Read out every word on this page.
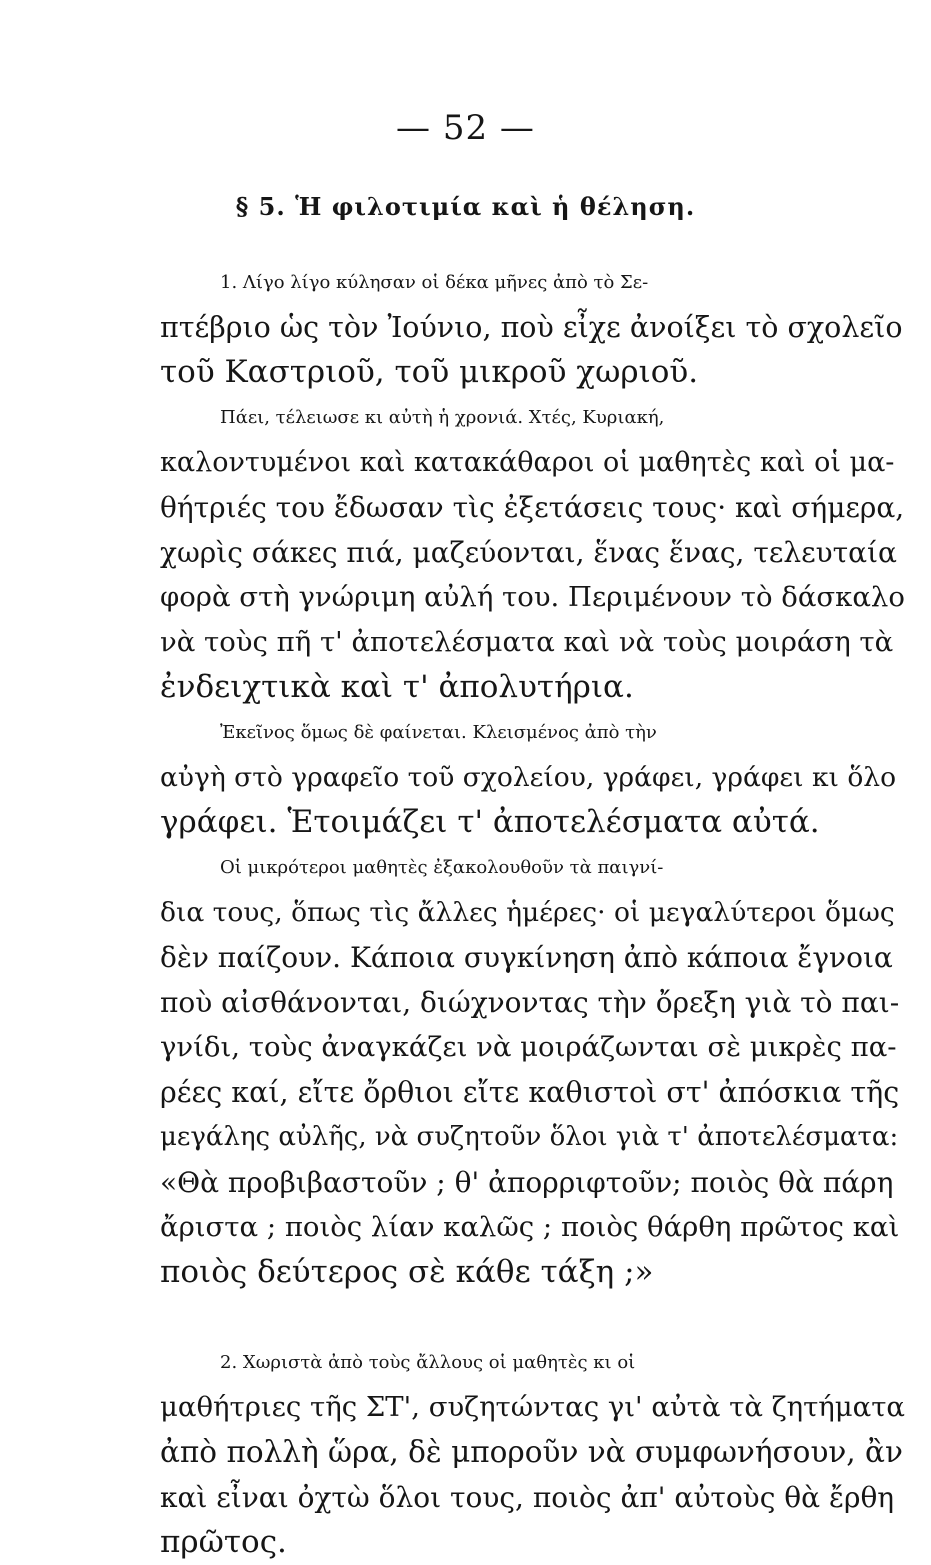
— 52 —
§ 5. Ἡ φιλοτιμία καὶ ἡ θέληση.

1. Λίγο λίγο κύλησαν οἱ δέκα μῆνες ἀπὸ τὸ Σε-
πτέβριο ὡς τὸν Ἰούνιο, ποὺ εἶχε ἀνοίξει τὸ σχολεῖο
τοῦ Καστριοῦ, τοῦ μικροῦ χωριοῦ.

Πάει, τέλειωσε κι αὐτὴ ἡ χρονιά. Χτές, Κυριακή,
καλοντυμένοι καὶ κατακάθαροι οἱ μαθητὲς καὶ οἱ μα-
θήτριές του ἔδωσαν τὶς ἐξετάσεις τους· καὶ σήμερα,
χωρὶς σάκες πιά, μαζεύονται, ἕνας ἕνας, τελευταία
φορὰ στὴ γνώριμη αὐλή του. Περιμένουν τὸ δάσκαλο
νὰ τοὺς πῆ τ' ἀποτελέσματα καὶ νὰ τοὺς μοιράση τὰ
ἐνδειχτικὰ καὶ τ' ἀπολυτήρια.

Ἐκεῖνος ὅμως δὲ φαίνεται. Κλεισμένος ἀπὸ τὴν
αὐγὴ στὸ γραφεῖο τοῦ σχολείου, γράφει, γράφει κι ὅλο
γράφει. Ἑτοιμάζει τ' ἀποτελέσματα αὐτά.

Οἱ μικρότεροι μαθητὲς ἐξακολουθοῦν τὰ παιγνί-
δια τους, ὅπως τὶς ἄλλες ἡμέρες· οἱ μεγαλύτεροι ὅμως
δὲν παίζουν. Κάποια συγκίνηση ἀπὸ κάποια ἔγνοια
ποὺ αἰσθάνονται, διώχνοντας τὴν ὄρεξη γιὰ τὸ παι-
γνίδι, τοὺς ἀναγκάζει νὰ μοιράζωνται σὲ μικρὲς πα-
ρέες καί, εἴτε ὄρθιοι εἴτε καθιστοὶ στ' ἀπόσκια τῆς
μεγάλης αὐλῆς, νὰ συζητοῦν ὅλοι γιὰ τ' ἀποτελέσματα:
«Θὰ προβιβαστοῦν ; θ' ἀπορριφτοῦν; ποιὸς θὰ πάρη
ἄριστα ; ποιὸς λίαν καλῶς ; ποιὸς θάρθη πρῶτος καὶ
ποιὸς δεύτερος σὲ κάθε τάξη ;»

2. Χωριστὰ ἀπὸ τοὺς ἄλλους οἱ μαθητὲς κι οἱ
μαθήτριες τῆς ΣΤ', συζητώντας γι' αὐτὰ τὰ ζητήματα
ἀπὸ πολλὴ ὥρα, δὲ μποροῦν νὰ συμφωνήσουν, ἂν
καὶ εἶναι ὀχτὼ ὅλοι τους, ποιὸς ἀπ' αὐτοὺς θὰ ἔρθη
πρῶτος.
